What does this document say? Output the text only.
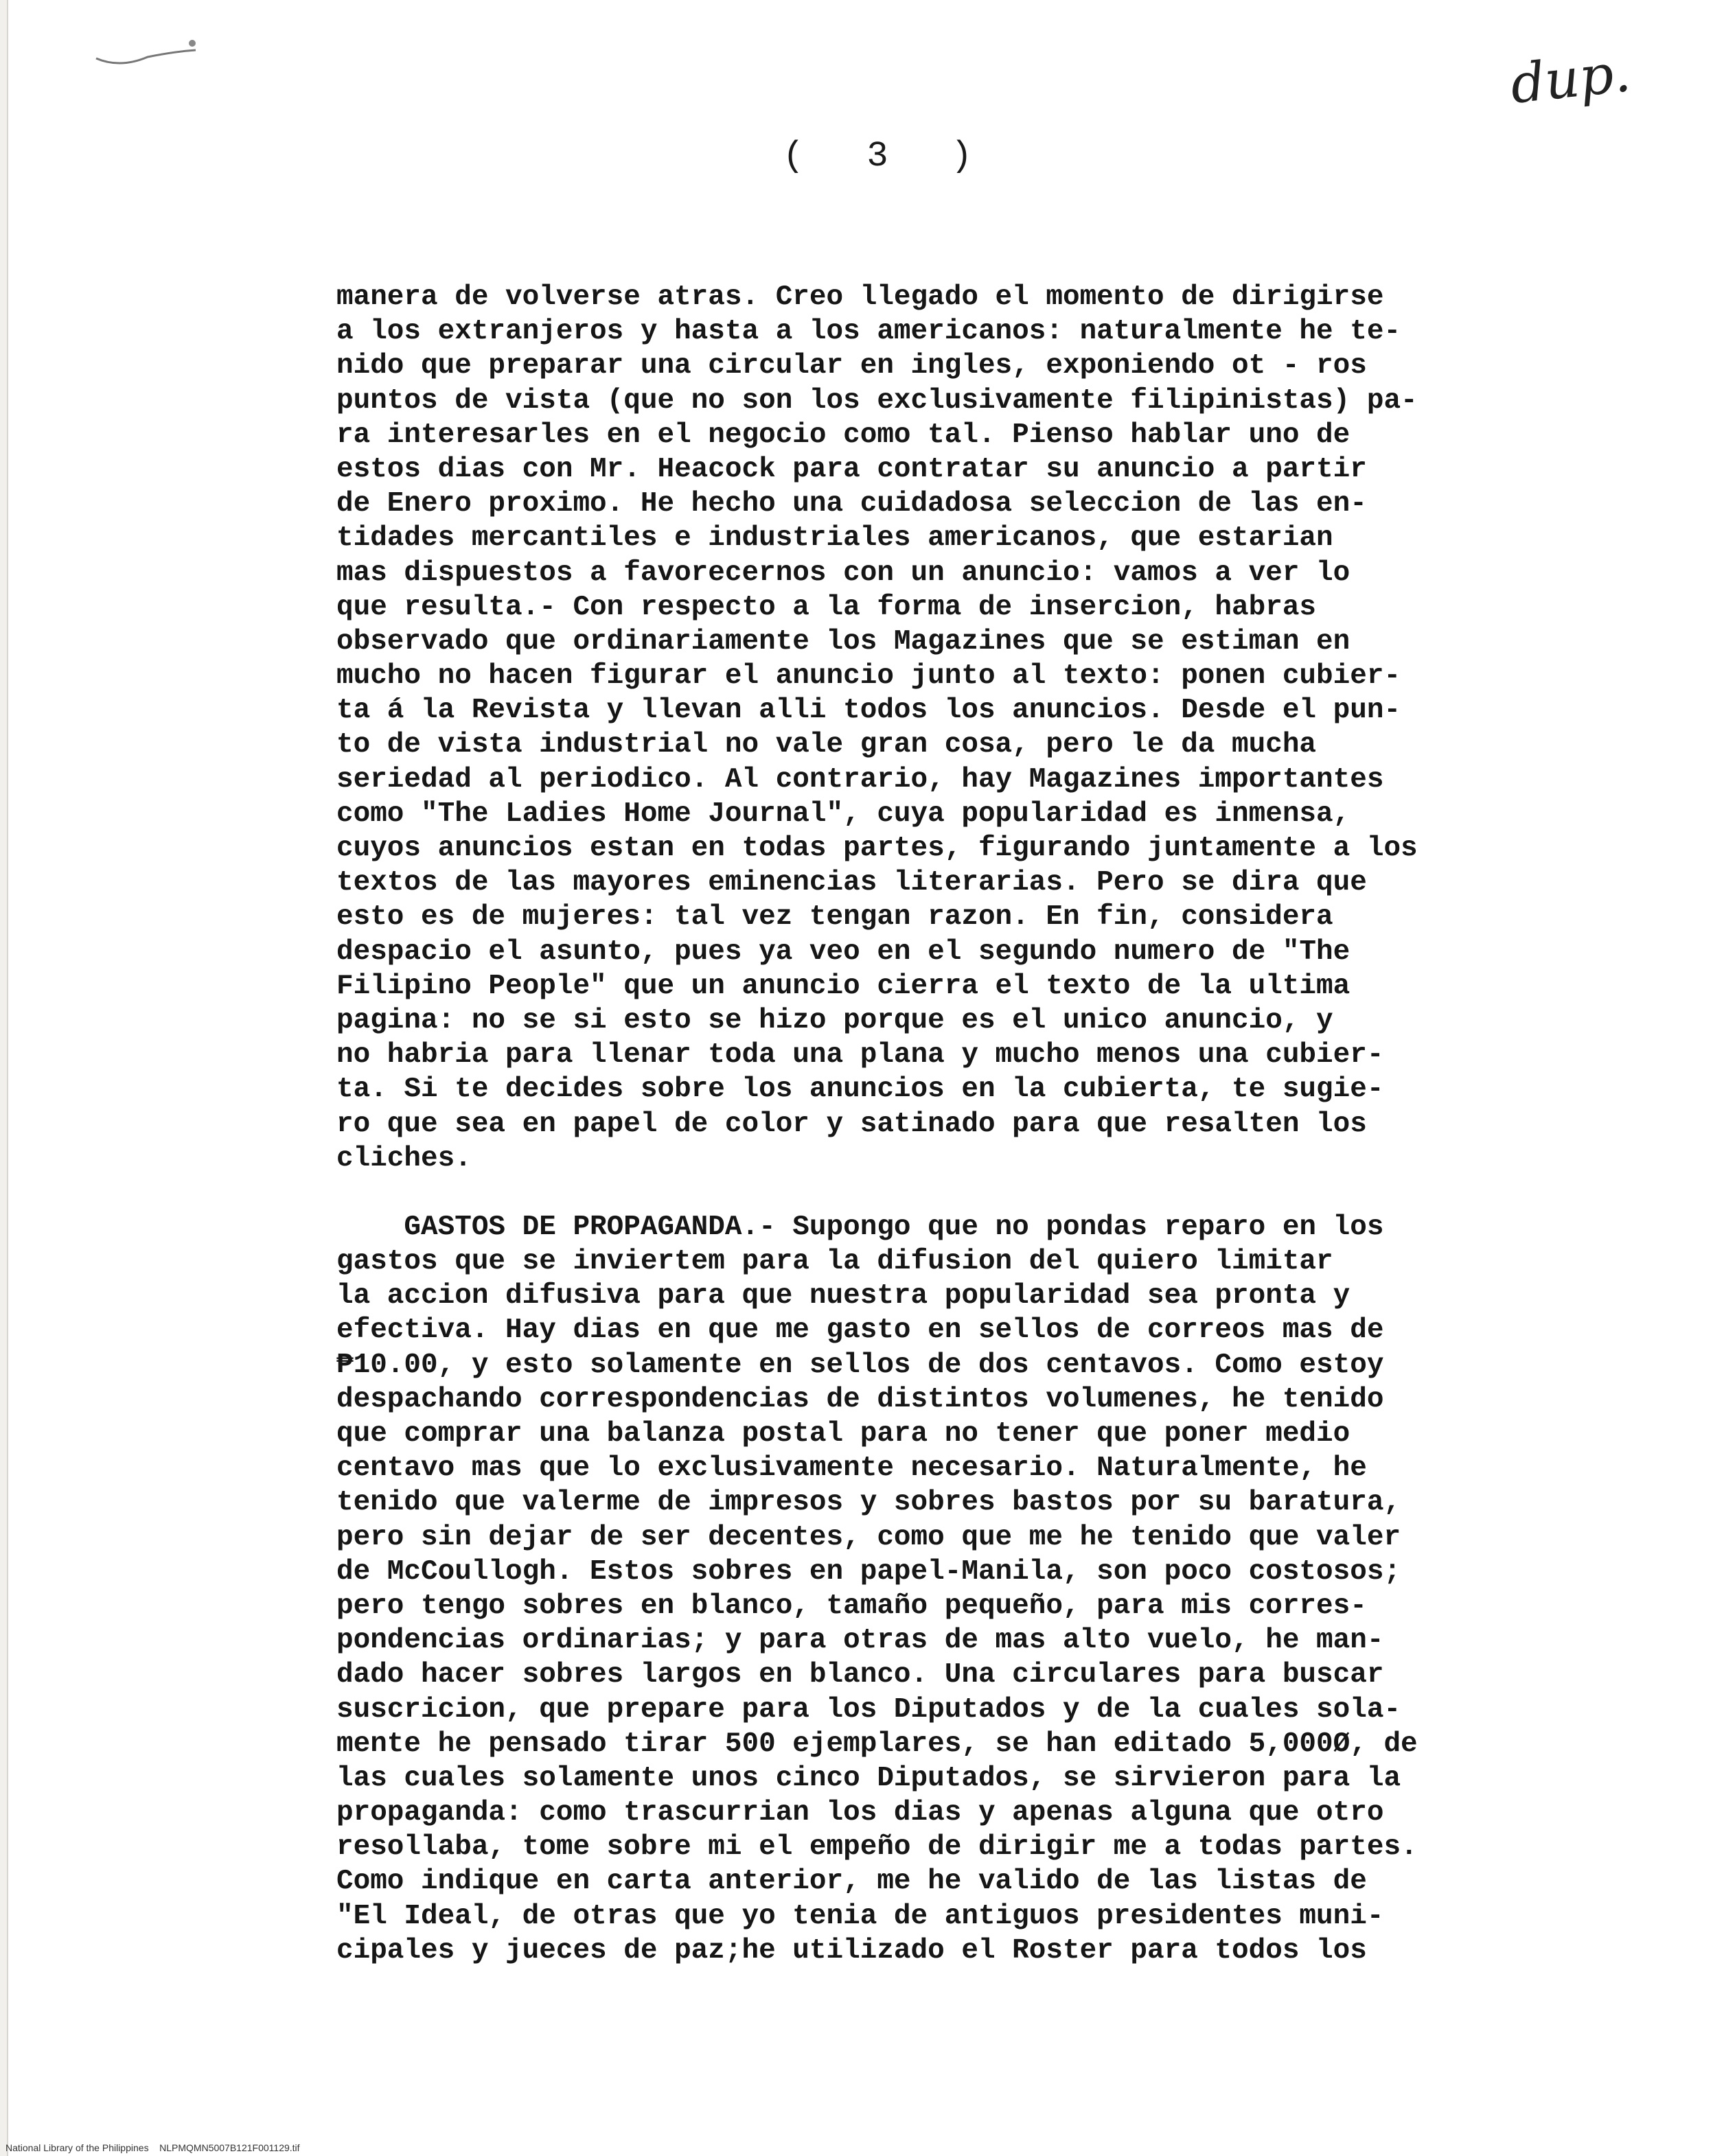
dup.
( 3 )
manera de volverse atras. Creo llegado el momento de dirigirse
a los extranjeros y hasta a los americanos: naturalmente he te-
nido que preparar una circular en ingles, exponiendo ot - ros
puntos de vista (que no son los exclusivamente filipinistas) pa-
ra interesarles en el negocio como tal. Pienso hablar uno de
estos dias con Mr. Heacock para contratar su anuncio a partir
de Enero proximo. He hecho una cuidadosa seleccion de las en-
tidades mercantiles e industriales americanos, que estarian
mas dispuestos a favorecernos con un anuncio: vamos a ver lo
que resulta.- Con respecto a la forma de insercion, habras
observado que ordinariamente los Magazines que se estiman en
mucho no hacen figurar el anuncio junto al texto: ponen cubier-
ta á la Revista y llevan alli todos los anuncios. Desde el pun-
to de vista industrial no vale gran cosa, pero le da mucha
seriedad al periodico. Al contrario, hay Magazines importantes
como "The Ladies Home Journal", cuya popularidad es inmensa,
cuyos anuncios estan en todas partes, figurando juntamente a los
textos de las mayores eminencias literarias. Pero se dira que
esto es de mujeres: tal vez tengan razon. En fin, considera
despacio el asunto, pues ya veo en el segundo numero de "The
Filipino People" que un anuncio cierra el texto de la ultima
pagina: no se si esto se hizo porque es el unico anuncio, y
no habria para llenar toda una plana y mucho menos una cubier-
ta. Si te decides sobre los anuncios en la cubierta, te sugie-
ro que sea en papel de color y satinado para que resalten los
cliches.
GASTOS DE PROPAGANDA.- Supongo que no pondas reparo en los
gastos que se inviertem para la difusion del quiero limitar
la accion difusiva para que nuestra popularidad sea pronta y
efectiva. Hay dias en que me gasto en sellos de correos mas de
₱10.00, y esto solamente en sellos de dos centavos. Como estoy
despachando correspondencias de distintos volumenes, he tenido
que comprar una balanza postal para no tener que poner medio
centavo mas que lo exclusivamente necesario. Naturalmente, he
tenido que valerme de impresos y sobres bastos por su baratura,
pero sin dejar de ser decentes, como que me he tenido que valer
de McCoullogh. Estos sobres en papel-Manila, son poco costosos;
pero tengo sobres en blanco, tamaño pequeño, para mis corres-
pondencias ordinarias; y para otras de mas alto vuelo, he man-
dado hacer sobres largos en blanco. Una circulares para buscar
suscricion, que prepare para los Diputados y de la cuales sola-
mente he pensado tirar 500 ejemplares, se han editado 5,000Ø, de
las cuales solamente unos cinco Diputados, se sirvieron para la
propaganda: como trascurrian los dias y apenas alguna que otro
resollaba, tome sobre mi el empeño de dirigir me a todas partes.
Como indique en carta anterior, me he valido de las listas de
"El Ideal, de otras que yo tenia de antiguos presidentes muni-
cipales y jueces de paz;he utilizado el Roster para todos los
National Library of the Philippines NLPMQMN5007B121F001129.tif
